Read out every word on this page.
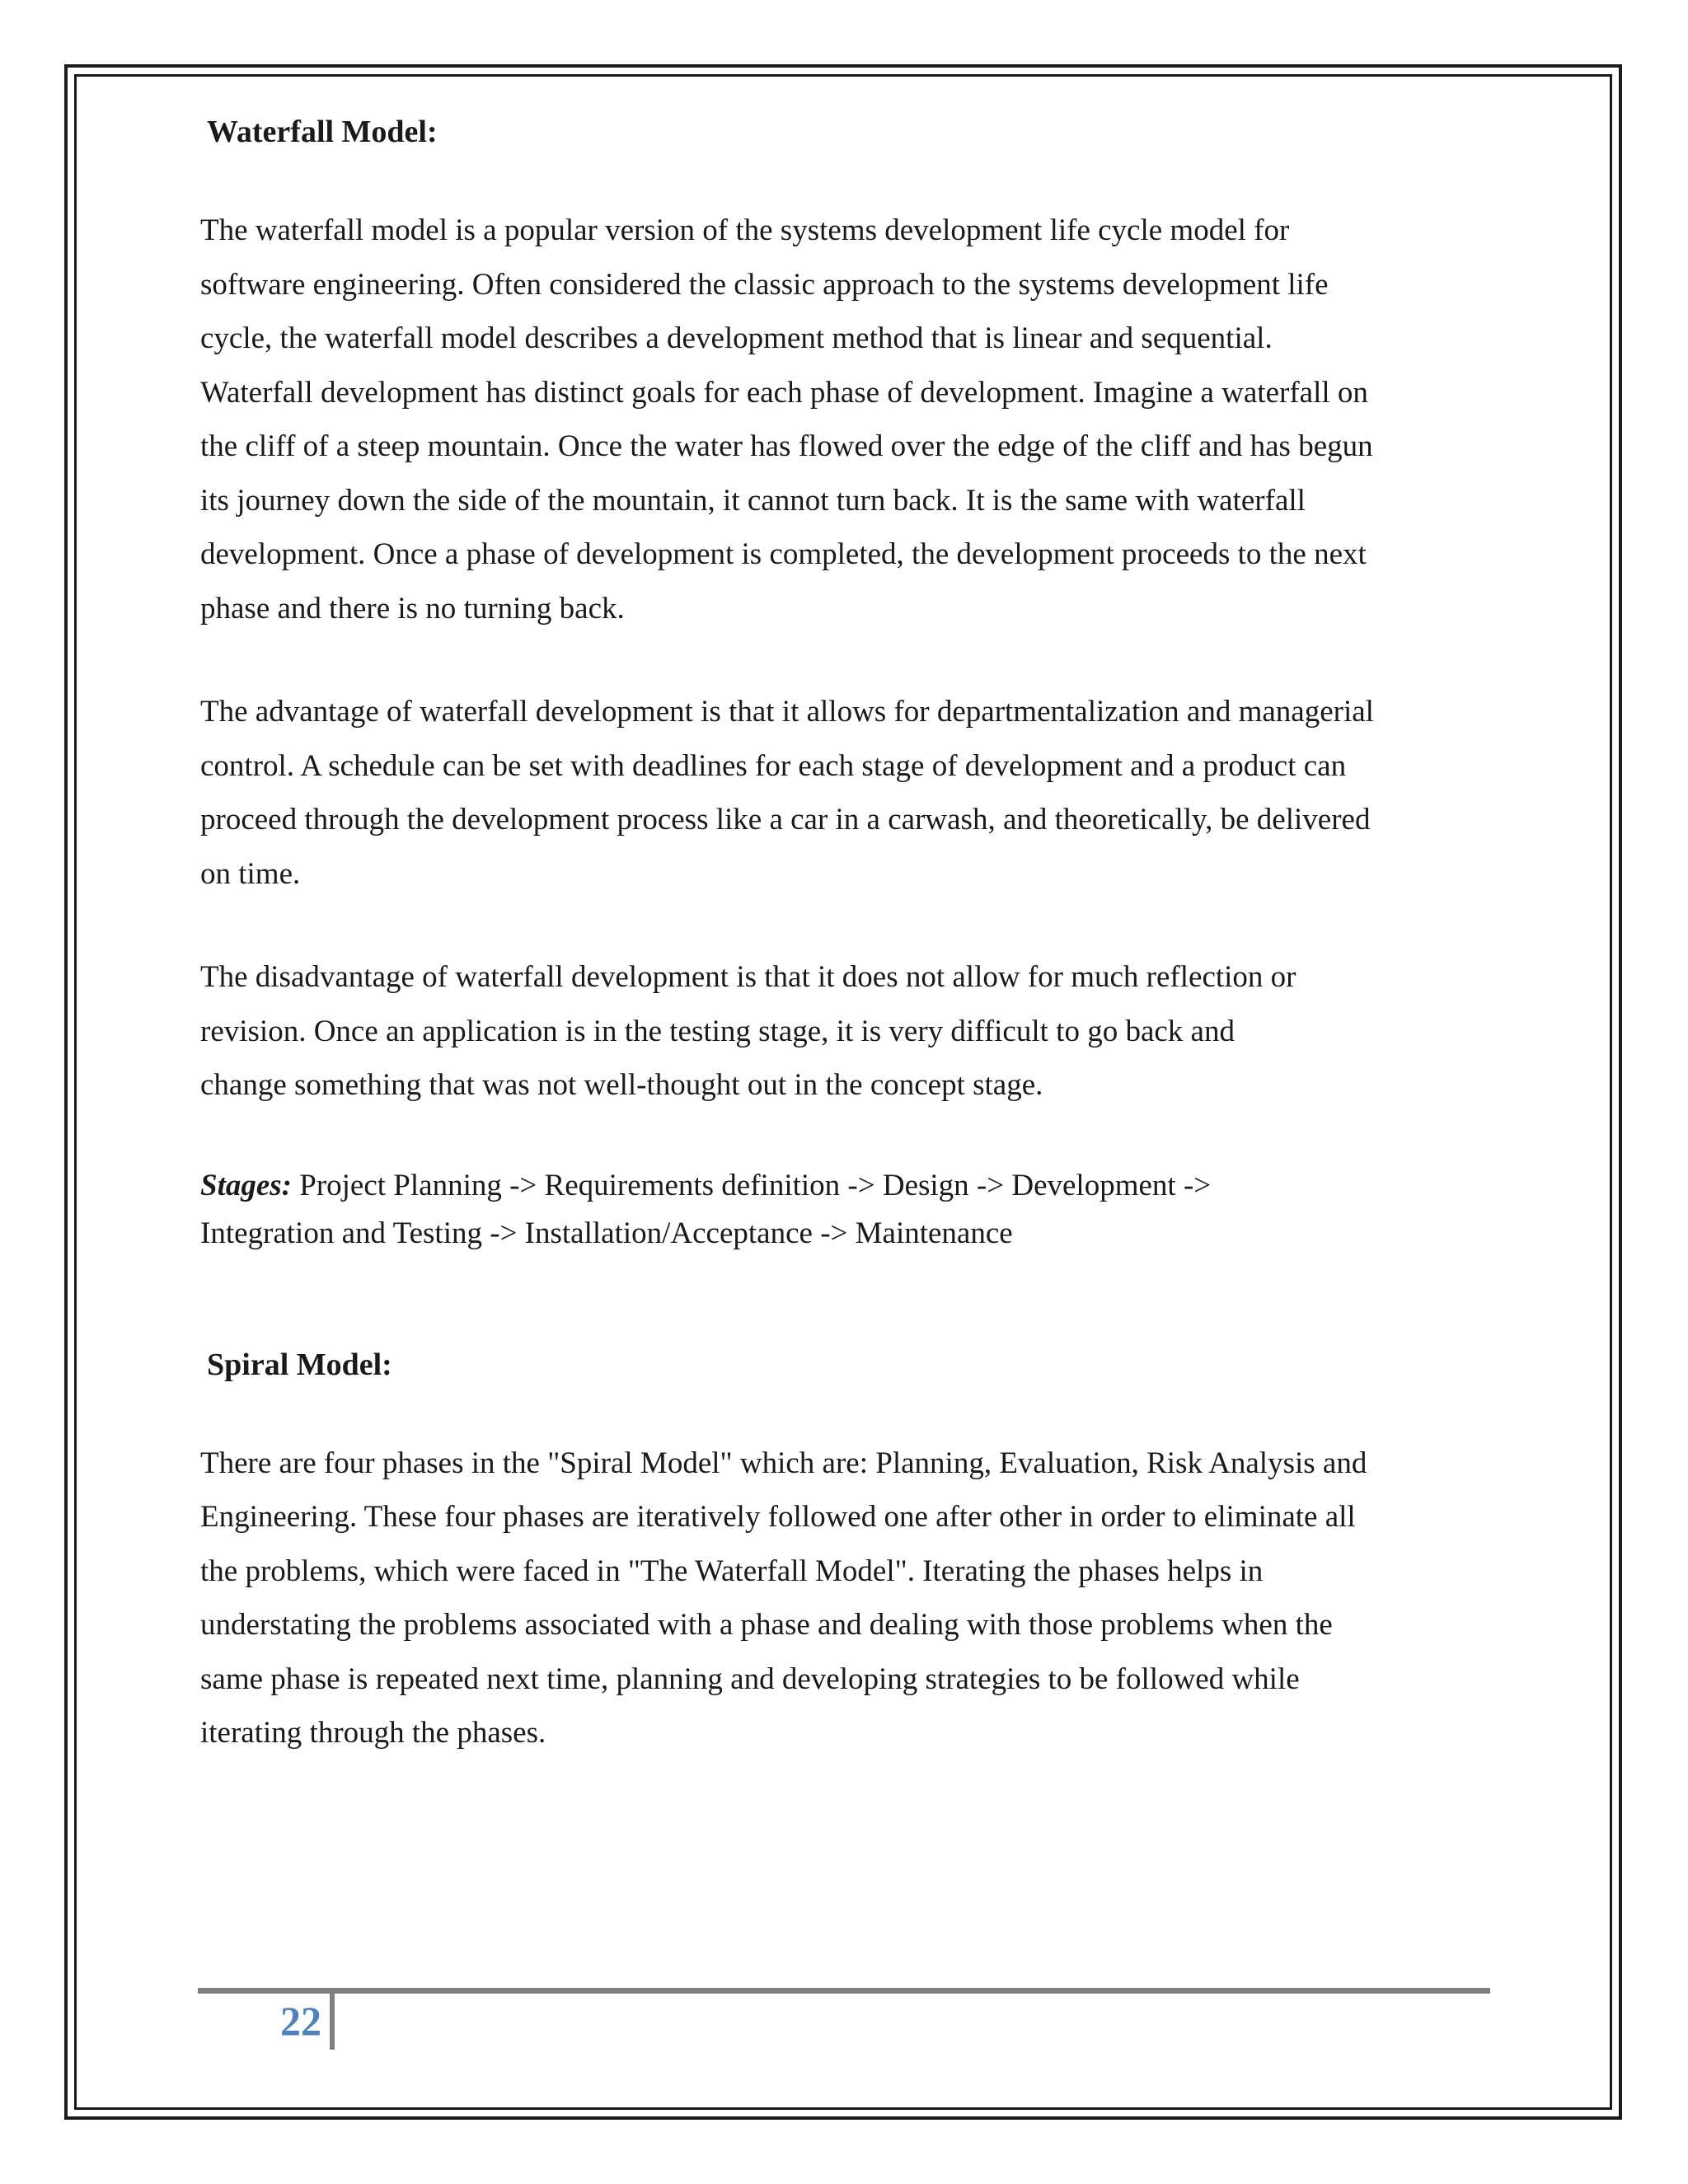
Waterfall Model:

The waterfall model is a popular version of the systems development life cycle model for
software engineering. Often considered the classic approach to the systems development life
cycle, the waterfall model describes a development method that is linear and sequential.
Waterfall development has distinct goals for each phase of development. Imagine a waterfall on
the cliff of a steep mountain. Once the water has flowed over the edge of the cliff and has begun
its journey down the side of the mountain, it cannot turn back. It is the same with waterfall
development. Once a phase of development is completed, the development proceeds to the next
phase and there is no turning back.

The advantage of waterfall development is that it allows for departmentalization and managerial
control. A schedule can be set with deadlines for each stage of development and a product can
proceed through the development process like a car in a carwash, and theoretically, be delivered
on time.

The disadvantage of waterfall development is that it does not allow for much reflection or
revision. Once an application is in the testing stage, it is very difficult to go back and
change something that was not well-thought out in the concept stage.

Stages: Project Planning -> Requirements definition -> Design -> Development ->
Integration and Testing -> Installation/Acceptance -> Maintenance

Spiral Model:

There are four phases in the "Spiral Model" which are: Planning, Evaluation, Risk Analysis and
Engineering. These four phases are iteratively followed one after other in order to eliminate all
the problems, which were faced in "The Waterfall Model". Iterating the phases helps in
understating the problems associated with a phase and dealing with those problems when the
same phase is repeated next time, planning and developing strategies to be followed while
iterating through the phases.

22
